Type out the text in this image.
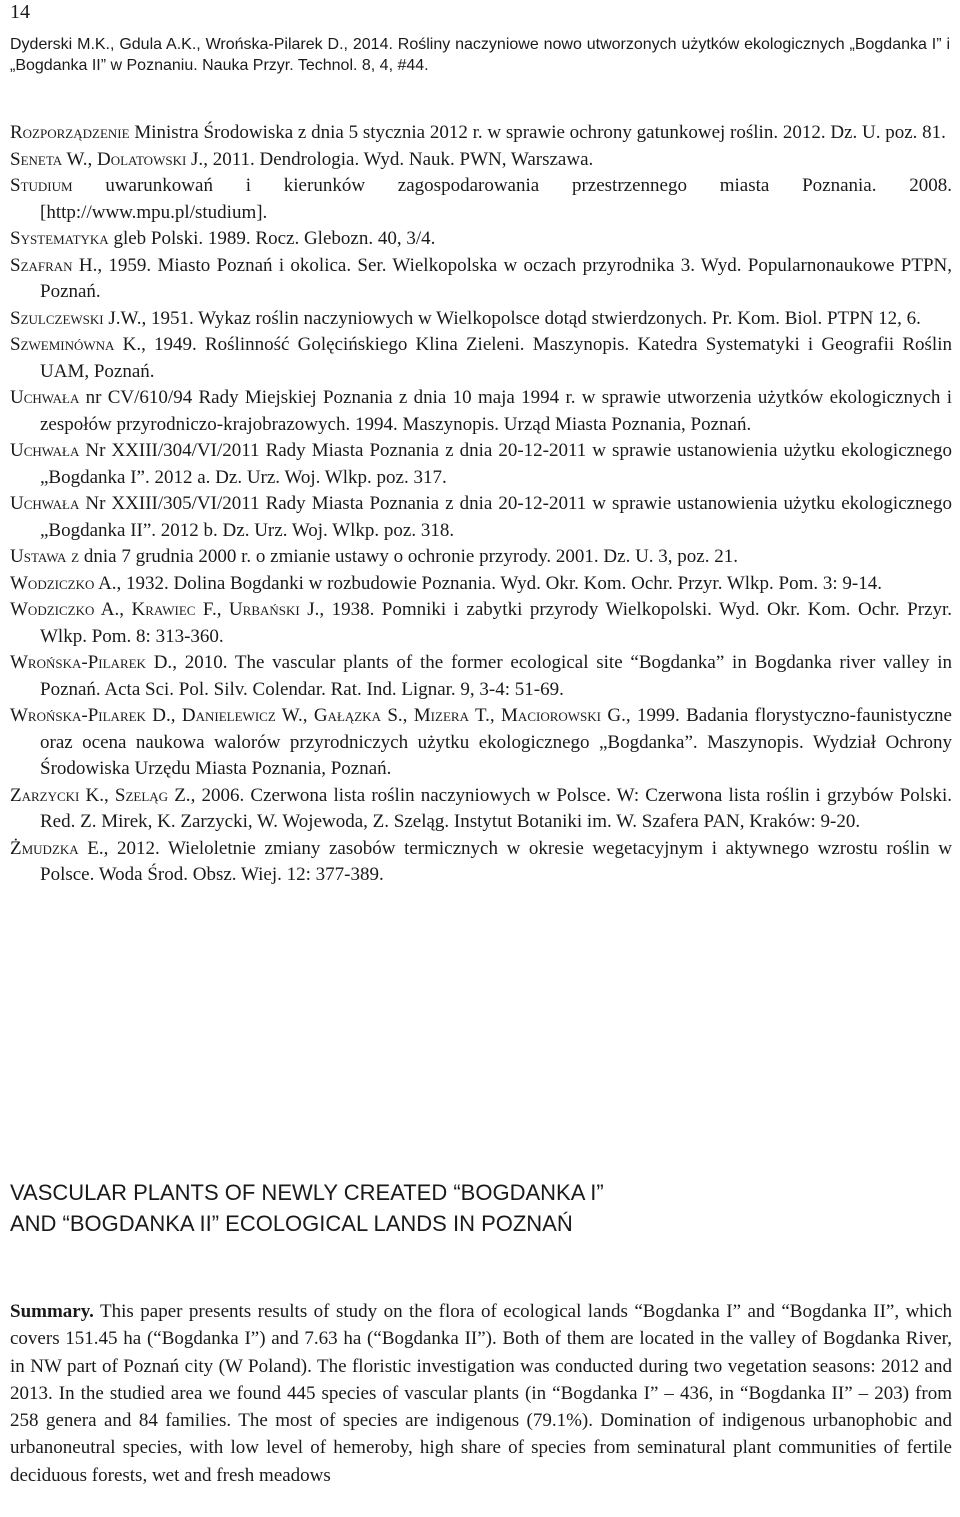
14
Dyderski M.K., Gdula A.K., Wrońska-Pilarek D., 2014. Rośliny naczyniowe nowo utworzonych użytków ekologicznych „Bogdanka I” i „Bogdanka II” w Poznaniu. Nauka Przyr. Technol. 8, 4, #44.
Rozporządzenie Ministra Środowiska z dnia 5 stycznia 2012 r. w sprawie ochrony gatunkowej roślin. 2012. Dz. U. poz. 81.
Seneta W., Dolatowski J., 2011. Dendrologia. Wyd. Nauk. PWN, Warszawa.
Studium uwarunkowań i kierunków zagospodarowania przestrzennego miasta Poznania. 2008. [http://www.mpu.pl/studium].
Systematyka gleb Polski. 1989. Rocz. Glebozn. 40, 3/4.
Szafran H., 1959. Miasto Poznań i okolica. Ser. Wielkopolska w oczach przyrodnika 3. Wyd. Popularnonaukowe PTPN, Poznań.
Szulczewski J.W., 1951. Wykaz roślin naczyniowych w Wielkopolsce dotąd stwierdzonych. Pr. Kom. Biol. PTPN 12, 6.
Szweminówna K., 1949. Roślinność Golęcińskiego Klina Zieleni. Maszynopis. Katedra Systematyki i Geografii Roślin UAM, Poznań.
Uchwała nr CV/610/94 Rady Miejskiej Poznania z dnia 10 maja 1994 r. w sprawie utworzenia użytków ekologicznych i zespołów przyrodniczo-krajobrazowych. 1994. Maszynopis. Urząd Miasta Poznania, Poznań.
Uchwała Nr XXIII/304/VI/2011 Rady Miasta Poznania z dnia 20-12-2011 w sprawie ustanowienia użytku ekologicznego „Bogdanka I”. 2012 a. Dz. Urz. Woj. Wlkp. poz. 317.
Uchwała Nr XXIII/305/VI/2011 Rady Miasta Poznania z dnia 20-12-2011 w sprawie ustanowienia użytku ekologicznego „Bogdanka II”. 2012 b. Dz. Urz. Woj. Wlkp. poz. 318.
Ustawa z dnia 7 grudnia 2000 r. o zmianie ustawy o ochronie przyrody. 2001. Dz. U. 3, poz. 21.
Wodziczko A., 1932. Dolina Bogdanki w rozbudowie Poznania. Wyd. Okr. Kom. Ochr. Przyr. Wlkp. Pom. 3: 9-14.
Wodziczko A., Krawiec F., Urbański J., 1938. Pomniki i zabytki przyrody Wielkopolski. Wyd. Okr. Kom. Ochr. Przyr. Wlkp. Pom. 8: 313-360.
Wrońska-Pilarek D., 2010. The vascular plants of the former ecological site “Bogdanka” in Bogdanka river valley in Poznań. Acta Sci. Pol. Silv. Colendar. Rat. Ind. Lignar. 9, 3-4: 51-69.
Wrońska-Pilarek D., Danielewicz W., Gałązka S., Mizera T., Maciorowski G., 1999. Badania florystyczno-faunistyczne oraz ocena naukowa walorów przyrodniczych użytku ekologicznego „Bogdanka”. Maszynopis. Wydział Ochrony Środowiska Urzędu Miasta Poznania, Poznań.
Zarzycki K., Szeląg Z., 2006. Czerwona lista roślin naczyniowych w Polsce. W: Czerwona lista roślin i grzybów Polski. Red. Z. Mirek, K. Zarzycki, W. Wojewoda, Z. Szeląg. Instytut Botaniki im. W. Szafera PAN, Kraków: 9-20.
Żmudzka E., 2012. Wieloletnie zmiany zasobów termicznych w okresie wegetacyjnym i aktywnego wzrostu roślin w Polsce. Woda Środ. Obsz. Wiej. 12: 377-389.
VASCULAR PLANTS OF NEWLY CREATED “BOGDANKA I”
AND “BOGDANKA II” ECOLOGICAL LANDS IN POZNAŃ
Summary. This paper presents results of study on the flora of ecological lands “Bogdanka I” and “Bogdanka II”, which covers 151.45 ha (“Bogdanka I”) and 7.63 ha (“Bogdanka II”). Both of them are located in the valley of Bogdanka River, in NW part of Poznań city (W Poland). The floristic investigation was conducted during two vegetation seasons: 2012 and 2013. In the studied area we found 445 species of vascular plants (in “Bogdanka I” – 436, in “Bogdanka II” – 203) from 258 genera and 84 families. The most of species are indigenous (79.1%). Domination of indigenous urbanophobic and urbanoneutral species, with low level of hemeroby, high share of species from seminatural plant communities of fertile deciduous forests, wet and fresh meadows
